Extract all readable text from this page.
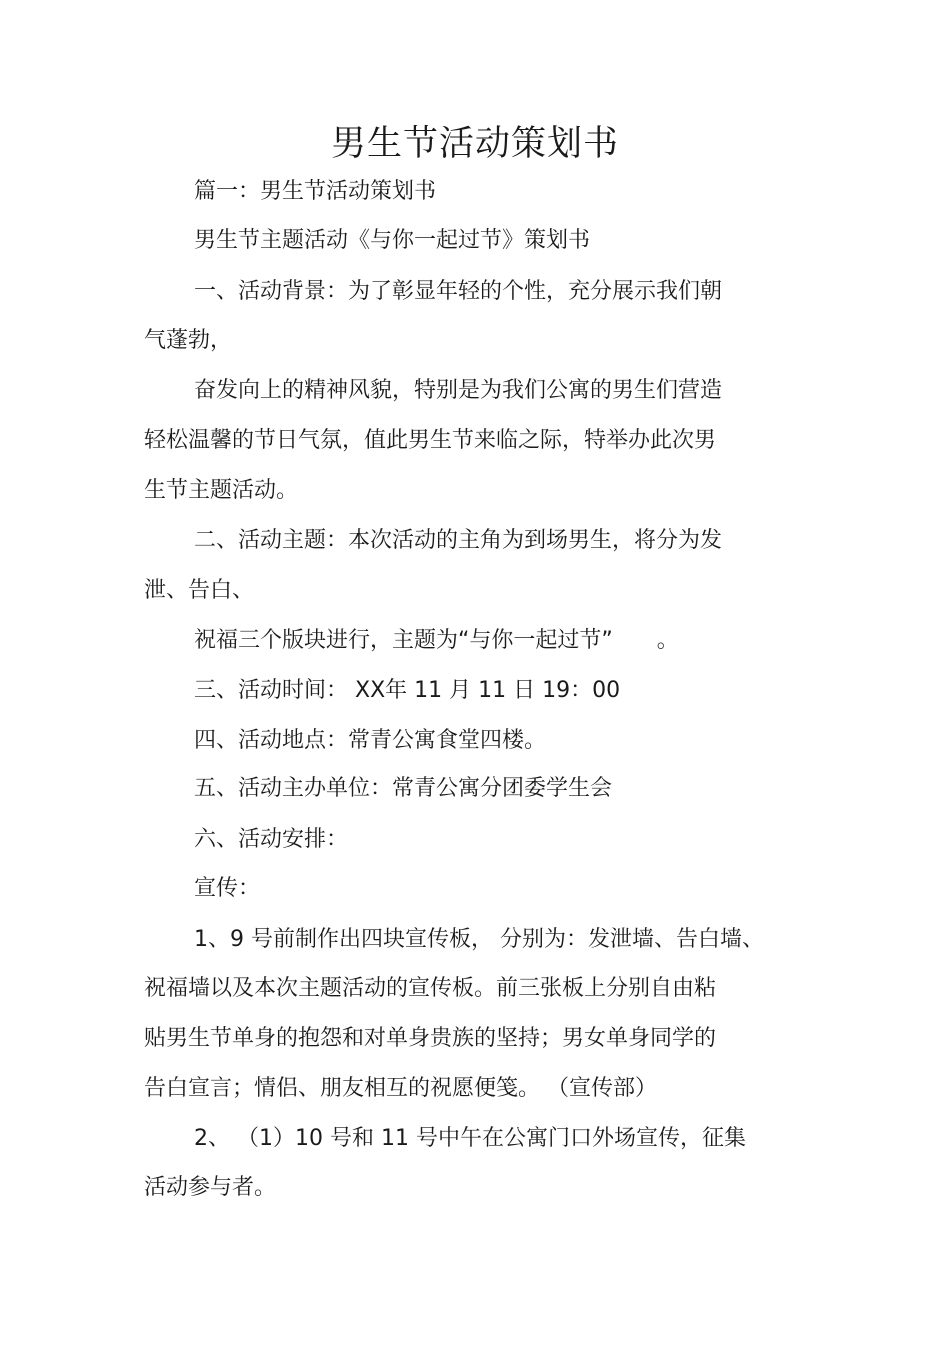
男生节活动策划书
篇一：男生节活动策划书
男生节主题活动《与你一起过节》策划书
一、活动背景：为了彰显年轻的个性，充分展示我们朝
气蓬勃，
奋发向上的精神风貌，特别是为我们公寓的男生们营造
轻松温馨的节日气氛，值此男生节来临之际，特举办此次男
生节主题活动。
二、活动主题：本次活动的主角为到场男生，将分为发
泄、告白、
祝福三个版块进行，主题为“与你一起过节”　　。
三、活动时间： XX年 11 月 11 日 19：00
四、活动地点：常青公寓食堂四楼。
五、活动主办单位：常青公寓分团委学生会
六、活动安排：
宣传：
1、9 号前制作出四块宣传板， 分别为：发泄墙、告白墙、
祝福墙以及本次主题活动的宣传板。前三张板上分别自由粘
贴男生节单身的抱怨和对单身贵族的坚持；男女单身同学的
告白宣言；情侣、朋友相互的祝愿便笺。 （宣传部）
2、 （1）10 号和 11 号中午在公寓门口外场宣传，征集
活动参与者。
